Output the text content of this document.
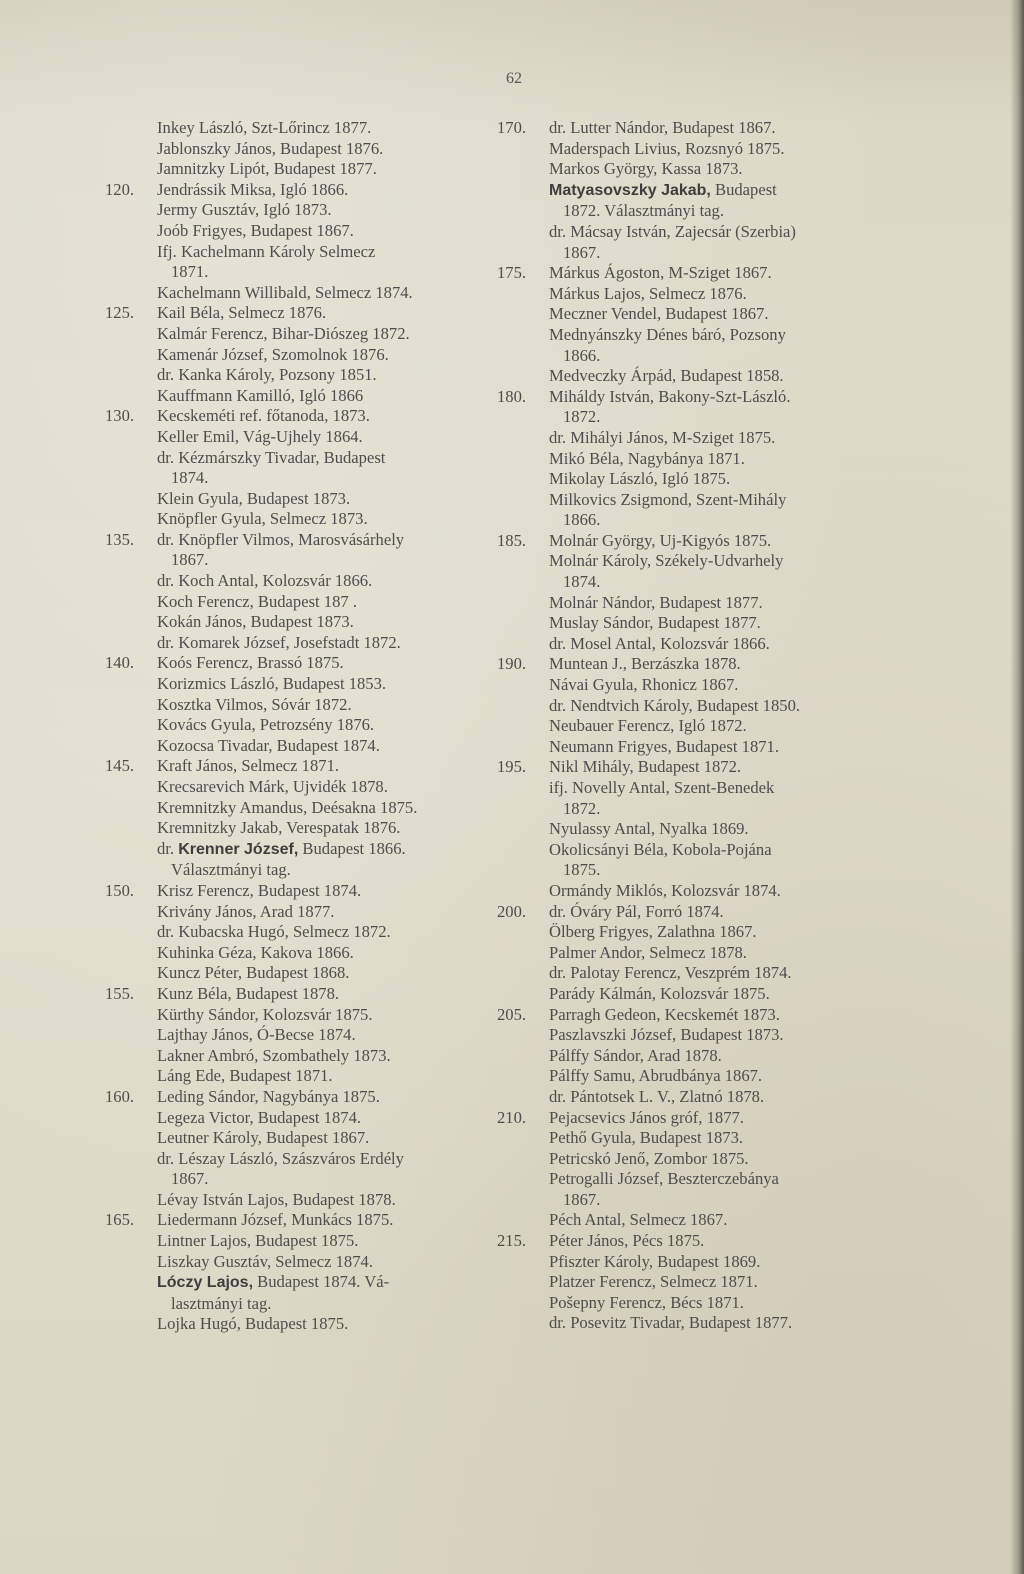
62
Inkey László, Szt-Lőrincz 1877.
Jablonszky János, Budapest 1876.
Jamnitzky Lipót, Budapest 1877.
120. Jendrássik Miksa, Igló 1866.
Jermy Gusztáv, Igló 1873.
Joób Frigyes, Budapest 1867.
Ifj. Kachelmann Károly Selmecz
1871.
Kachelmann Willibald, Selmecz 1874.
125. Kail Béla, Selmecz 1876.
Kalmár Ferencz, Bihar-Diószeg 1872.
Kamenár József, Szomolnok 1876.
dr. Kanka Károly, Pozsony 1851.
Kauffmann Kamilló, Igló 1866
130. Kecskeméti ref. főtanoda, 1873.
Keller Emil, Vág-Ujhely 1864.
dr. Kézmárszky Tivadar, Budapest
1874.
Klein Gyula, Budapest 1873.
Knöpfler Gyula, Selmecz 1873.
135. dr. Knöpfler Vilmos, Marosvásárhely
1867.
dr. Koch Antal, Kolozsvár 1866.
Koch Ferencz, Budapest 187 .
Kokán János, Budapest 1873.
dr. Komarek József, Josefstadt 1872.
140. Koós Ferencz, Brassó 1875.
Korizmics László, Budapest 1853.
Kosztka Vilmos, Sóvár 1872.
Kovács Gyula, Petrozsény 1876.
Kozocsa Tivadar, Budapest 1874.
145. Kraft János, Selmecz 1871.
Krecsarevich Márk, Ujvidék 1878.
Kremnitzky Amandus, Deésakna 1875.
Kremnitzky Jakab, Verespatak 1876.
dr. Krenner József, Budapest 1866.
Választmányi tag.
150. Krisz Ferencz, Budapest 1874.
Krivány János, Arad 1877.
dr. Kubacska Hugó, Selmecz 1872.
Kuhinka Géza, Kakova 1866.
Kuncz Péter, Budapest 1868.
155. Kunz Béla, Budapest 1878.
Kürthy Sándor, Kolozsvár 1875.
Lajthay János, Ó-Becse 1874.
Lakner Ambró, Szombathely 1873.
Láng Ede, Budapest 1871.
160. Leding Sándor, Nagybánya 1875.
Legeza Victor, Budapest 1874.
Leutner Károly, Budapest 1867.
dr. Lészay László, Szászváros Erdély
1867.
Lévay István Lajos, Budapest 1878.
165. Liedermann József, Munkács 1875.
Lintner Lajos, Budapest 1875.
Liszkay Gusztáv, Selmecz 1874.
Lóczy Lajos, Budapest 1874. Vá-
lasztmányi tag.
Lojka Hugó, Budapest 1875.
170. dr. Lutter Nándor, Budapest 1867.
Maderspach Livius, Rozsnyó 1875.
Markos György, Kassa 1873.
Matyasovszky Jakab, Budapest
1872. Választmányi tag.
dr. Mácsay István, Zajecsár (Szerbia)
1867.
175. Márkus Ágoston, M-Sziget 1867.
Márkus Lajos, Selmecz 1876.
Meczner Vendel, Budapest 1867.
Mednyánszky Dénes báró, Pozsony
1866.
Medveczky Árpád, Budapest 1858.
180. Miháldy István, Bakony-Szt-László.
1872.
dr. Mihályi János, M-Sziget 1875.
Mikó Béla, Nagybánya 1871.
Mikolay László, Igló 1875.
Milkovics Zsigmond, Szent-Mihály
1866.
185. Molnár György, Uj-Kigyós 1875.
Molnár Károly, Székely-Udvarhely
1874.
Molnár Nándor, Budapest 1877.
Muslay Sándor, Budapest 1877.
dr. Mosel Antal, Kolozsvár 1866.
190. Muntean J., Berzászka 1878.
Návai Gyula, Rhonicz 1867.
dr. Nendtvich Károly, Budapest 1850.
Neubauer Ferencz, Igló 1872.
Neumann Frigyes, Budapest 1871.
195. Nikl Mihály, Budapest 1872.
ifj. Novelly Antal, Szent-Benedek
1872.
Nyulassy Antal, Nyalka 1869.
Okolicsányi Béla, Kobola-Pojána
1875.
Ormándy Miklós, Kolozsvár 1874.
200. dr. Óváry Pál, Forró 1874.
Ölberg Frigyes, Zalathna 1867.
Palmer Andor, Selmecz 1878.
dr. Palotay Ferencz, Veszprém 1874.
Parády Kálmán, Kolozsvár 1875.
205. Parragh Gedeon, Kecskemét 1873.
Paszlavszki József, Budapest 1873.
Pálffy Sándor, Arad 1878.
Pálffy Samu, Abrudbánya 1867.
dr. Pántotsek L. V., Zlatnó 1878.
210. Pejacsevics János gróf, 1877.
Pethő Gyula, Budapest 1873.
Petricskó Jenő, Zombor 1875.
Petrogalli József, Beszterczebánya
1867.
Péch Antal, Selmecz 1867.
215. Péter János, Pécs 1875.
Pfiszter Károly, Budapest 1869.
Platzer Ferencz, Selmecz 1871.
Pošepny Ferencz, Bécs 1871.
dr. Posevitz Tivadar, Budapest 1877.
